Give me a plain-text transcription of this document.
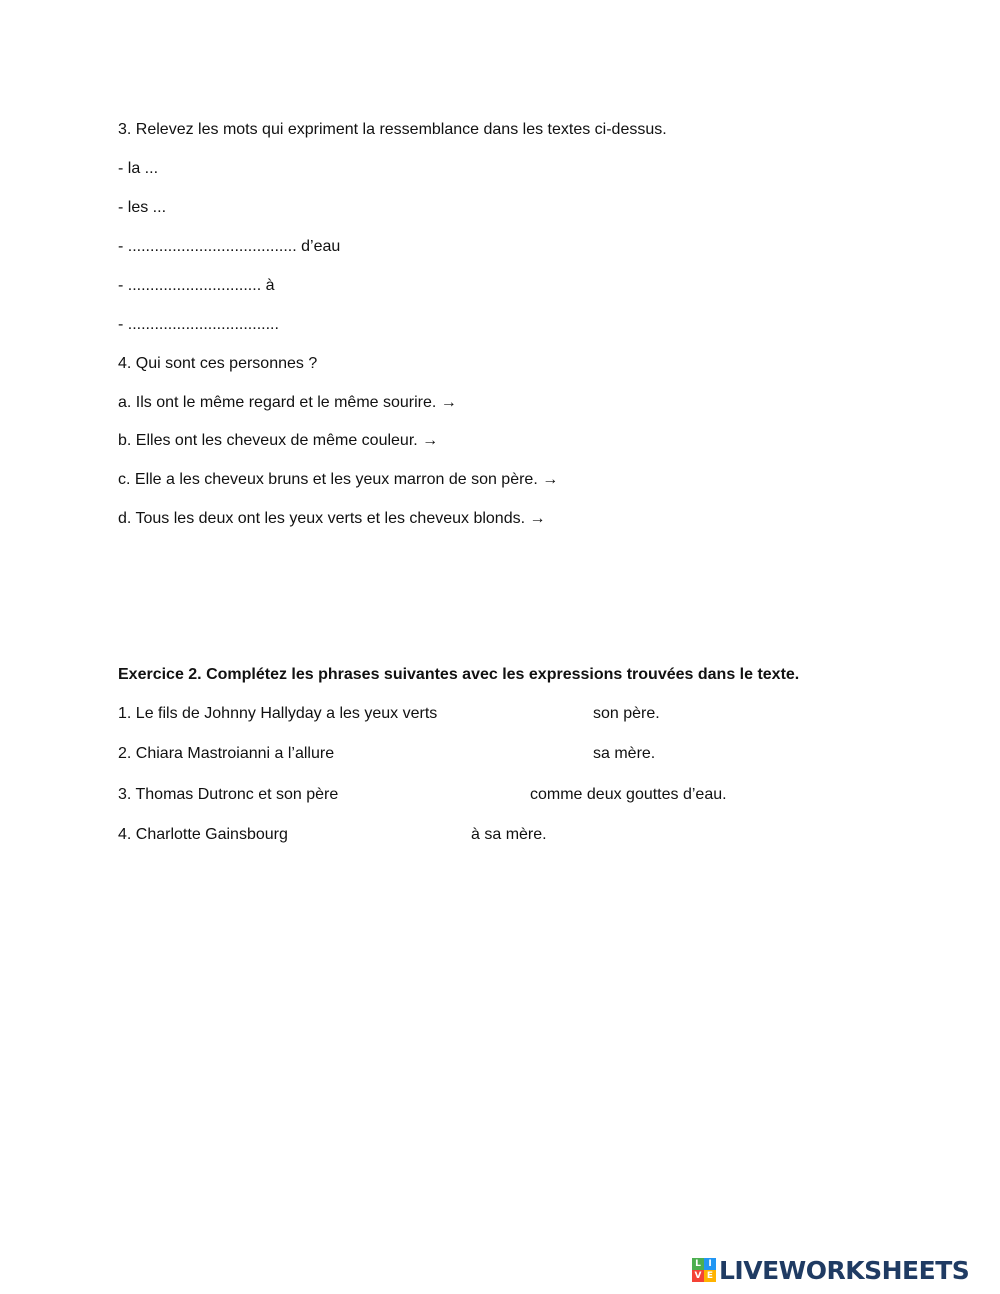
3. Relevez les mots qui expriment la ressemblance dans les textes ci-dessus.
- la ...
- les ...
- ...................................... d’eau
- .............................. à
- ..................................
4. Qui sont ces personnes ?
a. Ils ont le même regard et le même sourire. →
b. Elles ont les cheveux de même couleur. →
c. Elle a les cheveux bruns et les yeux marron de son père. →
d. Tous les deux ont les yeux verts et les cheveux blonds. →
Exercice 2. Complétez les phrases suivantes avec les expressions trouvées dans le texte.
1. Le fils de Johnny Hallyday a les yeux verts	son père.
2. Chiara Mastroianni a l’allure	sa mère.
3. Thomas Dutronc et son père	comme deux gouttes d’eau.
4. Charlotte Gainsbourg	à sa mère.
L I
V E LIVEWORKSHEETS
